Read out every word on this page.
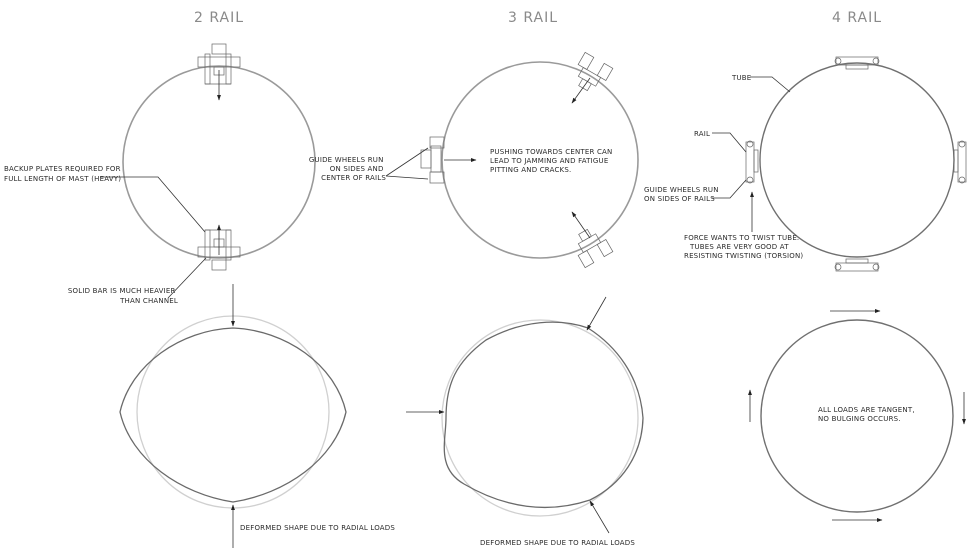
2 RAIL	3 RAIL	4 RAIL
BACKUP PLATES REQUIRED FOR FULL LENGTH OF MAST (HEAVY)
SOLID BAR IS MUCH HEAVIER THAN CHANNEL
DEFORMED SHAPE DUE TO RADIAL LOADS
GUIDE WHEELS RUN ON SIDES AND CENTER OF RAILS
PUSHING TOWARDS CENTER CAN LEAD TO JAMMING AND FATIGUE PITTING AND CRACKS.
DEFORMED SHAPE DUE TO RADIAL LOADS
TUBE
RAIL
GUIDE WHEELS RUN ON SIDES OF RAILS
FORCE WANTS TO TWIST TUBE. TUBES ARE VERY GOOD AT RESISTING TWISTING (TORSION)
ALL LOADS ARE TANGENT, NO BULGING OCCURS.
